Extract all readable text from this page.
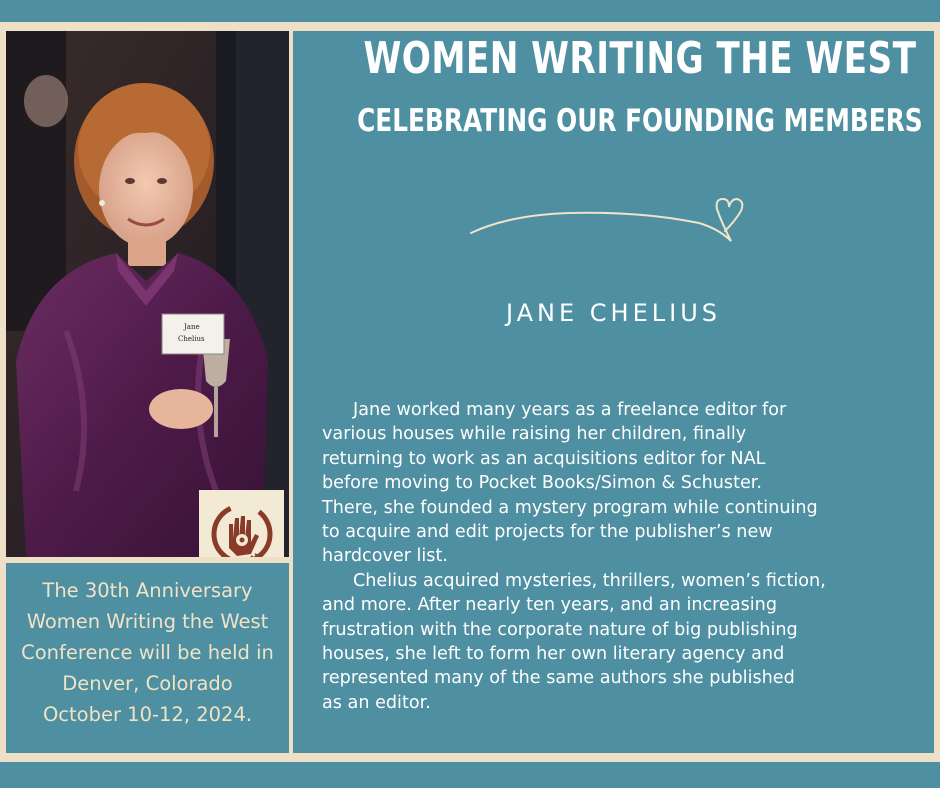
Jane
Chelius
The 30th Anniversary
Women Writing the West
Conference will be held in
Denver, Colorado
October 10-12, 2024.
WOMEN WRITING THE WEST
CELEBRATING OUR FOUNDING MEMBERS
JANE CHELIUS
Jane worked many years as a freelance editor for
various houses while raising her children, finally
returning to work as an acquisitions editor for NAL
before moving to Pocket Books/Simon & Schuster.
There, she founded a mystery program while continuing
to acquire and edit projects for the publisher’s new
hardcover list.
Chelius acquired mysteries, thrillers, women’s fiction,
and more. After nearly ten years, and an increasing
frustration with the corporate nature of big publishing
houses, she left to form her own literary agency and
represented many of the same authors she published
as an editor.
